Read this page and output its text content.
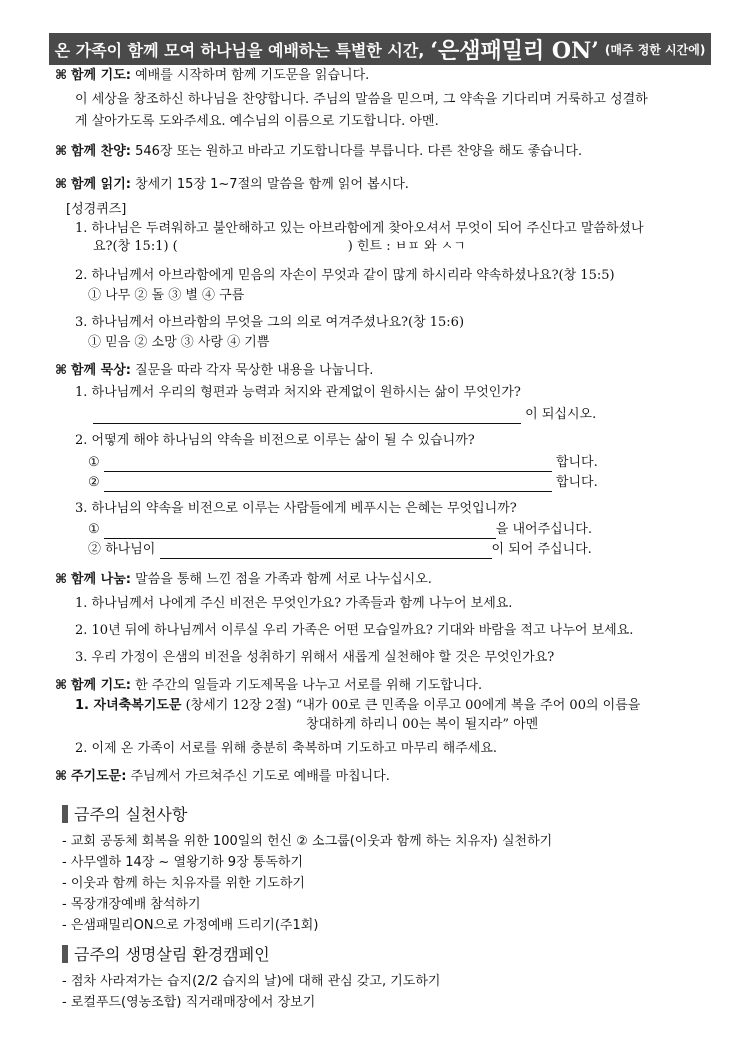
온 가족이 함께 모여 하나님을 예배하는 특별한 시간, ‘은샘패밀리 ON’ (매주 정한 시간에)
⌘ 함께 기도: 예배를 시작하며 함께 기도문을 읽습니다.
이 세상을 창조하신 하나님을 찬양합니다. 주님의 말씀을 믿으며, 그 약속을 기다리며 거룩하고 성결하
게 살아가도록 도와주세요. 예수님의 이름으로 기도합니다. 아멘.
⌘ 함께 찬양: 546장 또는 원하고 바라고 기도합니다를 부릅니다. 다른 찬양을 해도 좋습니다.
⌘ 함께 읽기: 창세기 15장 1~7절의 말씀을 함께 읽어 봅시다.
[성경퀴즈]
1. 하나님은 두려워하고 불안해하고 있는 아브라함에게 찾아오셔서 무엇이 되어 주신다고 말씀하셨나
요?(창 15:1) (	) 힌트 : ㅂㅍ 와 ㅅㄱ
2. 하나님께서 아브라함에게 믿음의 자손이 무엇과 같이 많게 하시리라 약속하셨나요?(창 15:5)
① 나무 ② 돌 ③ 별 ④ 구름
3. 하나님께서 아브라함의 무엇을 그의 의로 여겨주셨나요?(창 15:6)
① 믿음 ② 소망 ③ 사랑 ④ 기쁨
⌘ 함께 묵상: 질문을 따라 각자 묵상한 내용을 나눕니다.
1. 하나님께서 우리의 형편과 능력과 처지와 관계없이 원하시는 삶이 무엇인가?
이 되십시오.
2. 어떻게 해야 하나님의 약속을 비전으로 이루는 삶이 될 수 있습니까?
①	합니다.
②	합니다.
3. 하나님의 약속을 비전으로 이루는 사람들에게 베푸시는 은혜는 무엇입니까?
①	을 내어주십니다.
② 하나님이	이 되어 주십니다.
⌘ 함께 나눔: 말씀을 통해 느낀 점을 가족과 함께 서로 나누십시오.
1. 하나님께서 나에게 주신 비전은 무엇인가요? 가족들과 함께 나누어 보세요.
2. 10년 뒤에 하나님께서 이루실 우리 가족은 어떤 모습일까요? 기대와 바람을 적고 나누어 보세요.
3. 우리 가정이 은샘의 비전을 성취하기 위해서 새롭게 실천해야 할 것은 무엇인가요?
⌘ 함께 기도: 한 주간의 일들과 기도제목을 나누고 서로를 위해 기도합니다.
1. 자녀축복기도문 (창세기 12장 2절) “내가 00로 큰 민족을 이루고 00에게 복을 주어 00의 이름을
창대하게 하리니 00는 복이 될지라” 아멘
2. 이제 온 가족이 서로를 위해 충분히 축복하며 기도하고 마무리 해주세요.
⌘ 주기도문: 주님께서 가르쳐주신 기도로 예배를 마칩니다.
금주의 실천사항
- 교회 공동체 회복을 위한 100일의 헌신 ② 소그룹(이웃과 함께 하는 치유자) 실천하기
- 사무엘하 14장 ~ 열왕기하 9장 통독하기
- 이웃과 함께 하는 치유자를 위한 기도하기
- 목장개장예배 참석하기
- 은샘패밀리ON으로 가정예배 드리기(주1회)
금주의 생명살림 환경캠페인
- 점차 사라져가는 습지(2/2 습지의 날)에 대해 관심 갖고, 기도하기
- 로컬푸드(영농조합) 직거래매장에서 장보기
